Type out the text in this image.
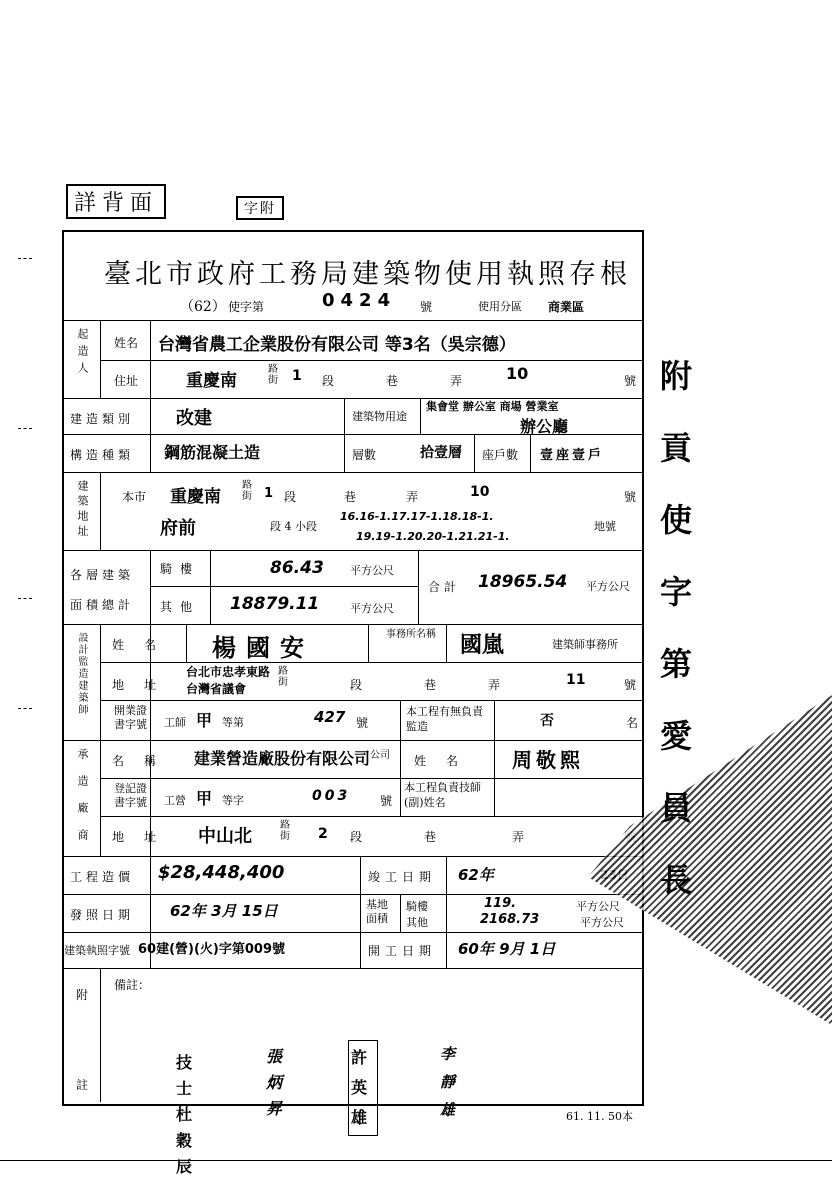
詳背面	字附
臺北市政府工務局建築物使用執照存根
（62） 使字第	0424 號	使用分區 商業區
起造人 姓名 台灣省農工企業股份有限公司 等3名（吳宗德）
住址	重慶南
路街 1 段	巷	弄	10	號
建造類別 改建	建築物用途
集會堂 辦公室 商場 營業室
辦公廳
構造種類 鋼筋混凝土造	層數	拾壹層 座戶數 壹座壹戶
建築地址	本市 重慶南
路街 1 段	巷	弄	10	號
府前	段 4 小段
16.16-1.17.17-1.18.18-1.
19.19-1.20.20-1.21.21-1.
地號
各層建築面積總計
騎樓	86.43 平方公尺
其他 18879.11	平方公尺
合計 18965.54 平方公尺
設計監造建築師 姓名 楊國安	事務所名稱	國嵐	建築師事務所
地址
台北市忠孝東路 台灣省議會
路街	段	巷	弄	11	號
開業證書字號 工師 甲 等第	427 號
本工程有無負責監造	否	名
承造廠商 名稱 建業營造廠股份有限公司 公司	姓名 周敬熙
登記證書字號 工營 甲 等字	003 號
本工程負責技師(副)姓名
地址 中山北
路街 2 段	巷	弄
工程造價 $28,448,400	竣工日期 62年
發照日期 62年 3月 15日	基地面積
騎樓	119.	平方公尺
其他	2168.73	平方公尺
建築執照字號 60建(營)(火)字第009號	開工日期 60年 9月 1日
附
註
備註：
技士杜 穀辰
張炳昇
許英雄
李靜雄	61. 11. 50本
附貢使字第愛員長
